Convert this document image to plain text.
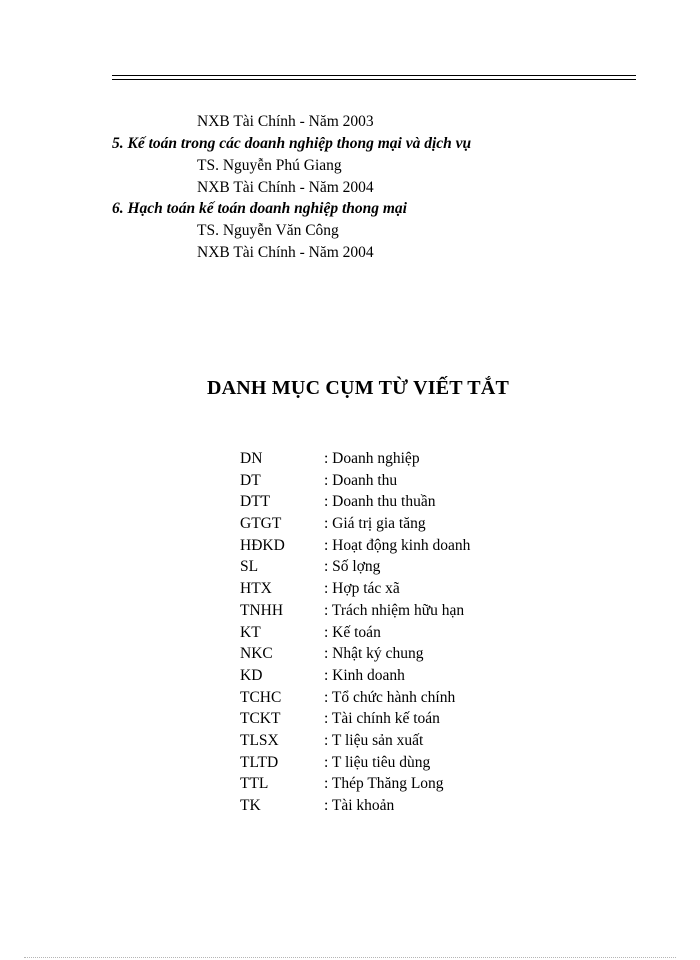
NXB Tài Chính - Năm 2003
5. Kế toán trong các doanh nghiệp thong mại và dịch vụ
TS. Nguyễn Phú Giang
NXB Tài Chính - Năm 2004
6. Hạch toán kế toán doanh nghiệp thong mại
TS. Nguyễn Văn Công
NXB Tài Chính - Năm 2004
DANH MỤC CỤM TỪ VIẾT TẮT
DN	: Doanh nghiệp
DT	: Doanh thu
DTT	: Doanh thu thuần
GTGT	: Giá trị gia tăng
HĐKD	: Hoạt động kinh doanh
SL	: Số lợng
HTX	: Hợp tác xã
TNHH	: Trách nhiệm hữu hạn
KT	: Kế toán
NKC	: Nhật ký chung
KD	: Kinh doanh
TCHC	: Tổ chức hành chính
TCKT	: Tài chính kế toán
TLSX	: T liệu sản xuất
TLTD	: T liệu tiêu dùng
TTL	: Thép Thăng Long
TK	: Tài khoản
